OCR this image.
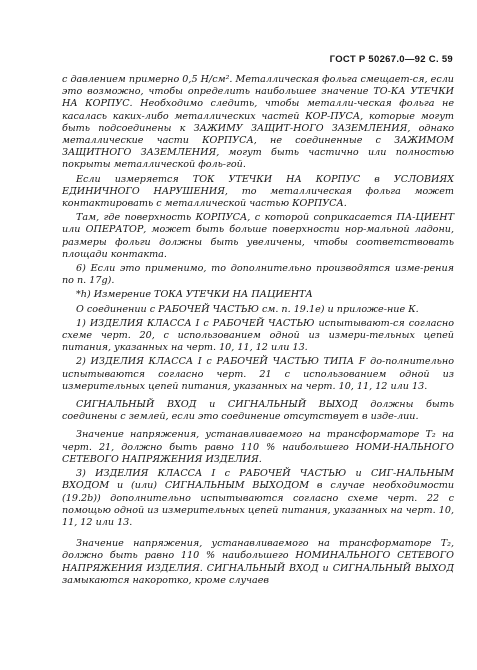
ГОСТ Р 50267.0—92 С. 59

с давлением примерно 0,5 Н/см². Металлическая фольга смещает-ся, если это возможно, чтобы определить наибольшее значение ТО-КА УТЕЧКИ НА КОРПУС. Необходимо следить, чтобы металли-ческая фольга не касалась каких-либо металлических частей КОР-ПУСА, которые могут быть подсоединены к ЗАЖИМУ ЗАЩИТ-НОГО ЗАЗЕМЛЕНИЯ, однако металлические части КОРПУСА, не соединенные с ЗАЖИМОМ ЗАЩИТНОГО ЗАЗЕМЛЕНИЯ, могут быть частично или полностью покрыты металлической фоль-гой.

Если измеряется ТОК УТЕЧКИ НА КОРПУС в УСЛОВИЯХ ЕДИНИЧНОГО НАРУШЕНИЯ, то металлическая фольга может контактировать с металлической частью КОРПУСА.

Там, где поверхность КОРПУСА, с которой соприкасается ПА-ЦИЕНТ или ОПЕРАТОР, может быть больше поверхности нор-мальной ладони, размеры фольги должны быть увеличены, чтобы соответствовать площади контакта.

6) Если это применимо, то дополнительно производятся изме-рения по п. 17g).

*h) Измерение ТОКА УТЕЧКИ НА ПАЦИЕНТА

О соединении с РАБОЧЕЙ ЧАСТЬЮ см. п. 19.1е) и приложе-ние К.

1) ИЗДЕЛИЯ КЛАССА I с РАБОЧЕЙ ЧАСТЬЮ испытывают-ся согласно схеме черт. 20, с использованием одной из измери-тельных цепей питания, указанных на черт. 10, 11, 12 или 13.

2) ИЗДЕЛИЯ КЛАССА I с РАБОЧЕЙ ЧАСТЬЮ ТИПА F до-полнительно испытываются согласно черт. 21 с использованием одной из измерительных цепей питания, указанных на черт. 10, 11, 12 или 13.

СИГНАЛЬНЫЙ ВХОД и СИГНАЛЬНЫЙ ВЫХОД должны быть соединены с землей, если это соединение отсутствует в изде-лии.

Значение напряжения, устанавливаемого на трансформаторе T₂ на черт. 21, должно быть равно 110 % наибольшего НОМИ-НАЛЬНОГО СЕТЕВОГО НАПРЯЖЕНИЯ ИЗДЕЛИЯ.

3) ИЗДЕЛИЯ КЛАССА I с РАБОЧЕЙ ЧАСТЬЮ и СИГ-НАЛЬНЫМ ВХОДОМ и (или) СИГНАЛЬНЫМ ВЫХОДОМ в случае необходимости (19.2b)) дополнительно испытываются согласно схеме черт. 22 с помощью одной из измерительных цепей питания, указанных на черт. 10, 11, 12 или 13.

Значение напряжения, устанавливаемого на трансформаторе T₂, должно быть равно 110 % наибольшего НОМИНАЛЬНОГО СЕТЕВОГО НАПРЯЖЕНИЯ ИЗДЕЛИЯ. СИГНАЛЬНЫЙ ВХОД и СИГНАЛЬНЫЙ ВЫХОД замыкаются накоротко, кроме случаев
